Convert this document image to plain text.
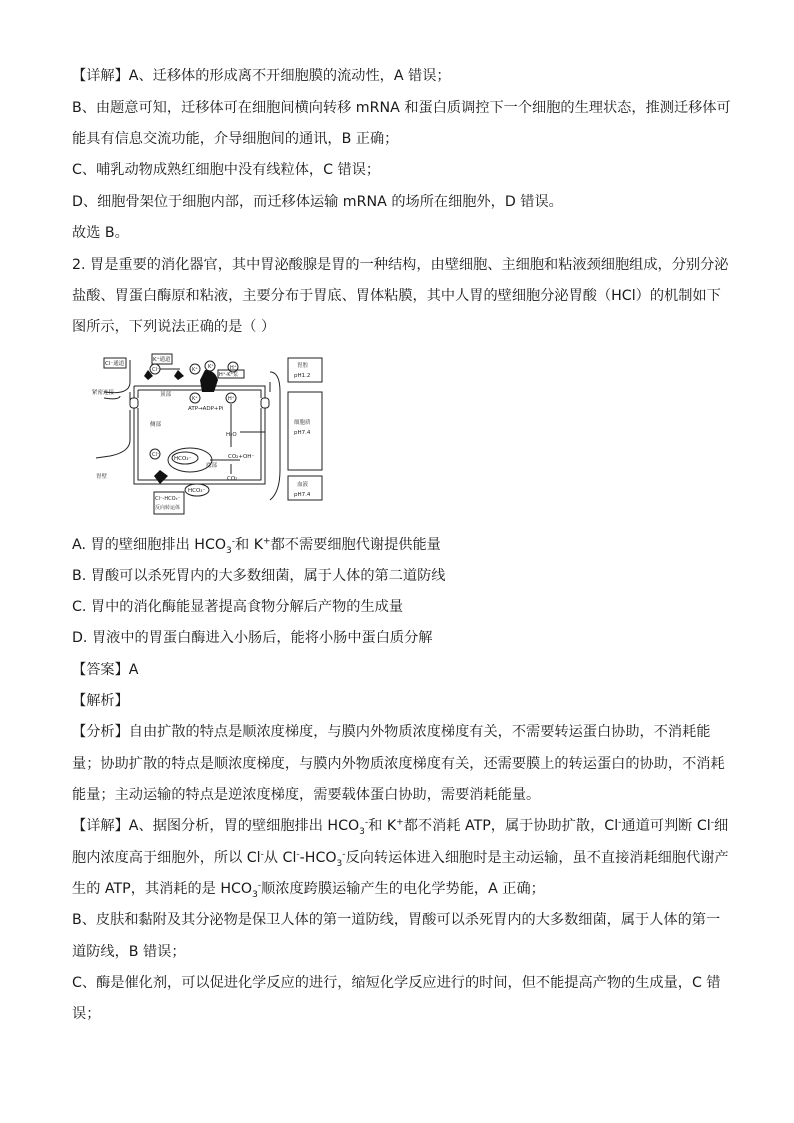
【详解】A、迁移体的形成离不开细胞膜的流动性，A 错误；
B、由题意可知，迁移体可在细胞间横向转移 mRNA 和蛋白质调控下一个细胞的生理状态，推测迁移体可
能具有信息交流功能，介导细胞间的通讯，B 正确；
C、哺乳动物成熟红细胞中没有线粒体，C 错误；
D、细胞骨架位于细胞内部，而迁移体运输 mRNA 的场所在细胞外，D 错误。
故选 B。
2. 胃是重要的消化器官，其中胃泌酸腺是胃的一种结构，由壁细胞、主细胞和粘液颈细胞组成，分别分泌
盐酸、胃蛋白酶原和粘液，主要分布于胃底、胃体粘膜，其中人胃的壁细胞分泌胃酸（HCl）的机制如下
图所示，下列说法正确的是（ ）
Cl⁻通道
K⁺通道
Cl⁻	K⁺ K⁺	H⁺
H⁺-K⁺泵
K⁺	H⁺
ATP→ADP+Pi
顶部
侧部
紧密连接
胃壁
底部
HCO₃⁻	CO₂+OH⁻
H₂O
CO₂
Cl⁻
HCO₃⁻
Cl⁻-HCO₃⁻
反向转运体
胃腔
pH1.2
细胞质
pH7.4
血液
pH7.4
A. 胃的壁细胞排出 $HCO_3^-$和 K+都不需要细胞代谢提供能量
B. 胃酸可以杀死胃内的大多数细菌，属于人体的第二道防线
C. 胃中的消化酶能显著提高食物分解后产物的生成量
D. 胃液中的胃蛋白酶进入小肠后，能将小肠中蛋白质分解
【答案】A
【解析】
【分析】自由扩散的特点是顺浓度梯度，与膜内外物质浓度梯度有关，不需要转运蛋白协助，不消耗能
量；协助扩散的特点是顺浓度梯度，与膜内外物质浓度梯度有关，还需要膜上的转运蛋白的协助，不消耗
能量；主动运输的特点是逆浓度梯度，需要载体蛋白协助，需要消耗能量。
【详解】A、据图分析，胃的壁细胞排出 $HCO_3^-$和 K+都不消耗 ATP，属于协助扩散，Cl-通道可判断 Cl-细
胞内浓度高于细胞外，所以 Cl-从 $Cl^--HCO_3^-$反向转运体进入细胞时是主动运输，虽不直接消耗细胞代谢产
生的 ATP，其消耗的是 $HCO_3^-$顺浓度跨膜运输产生的电化学势能，A 正确；
B、皮肤和黏附及其分泌物是保卫人体的第一道防线，胃酸可以杀死胃内的大多数细菌，属于人体的第一
道防线，B 错误；
C、酶是催化剂，可以促进化学反应的进行，缩短化学反应进行的时间，但不能提高产物的生成量，C 错
误；
